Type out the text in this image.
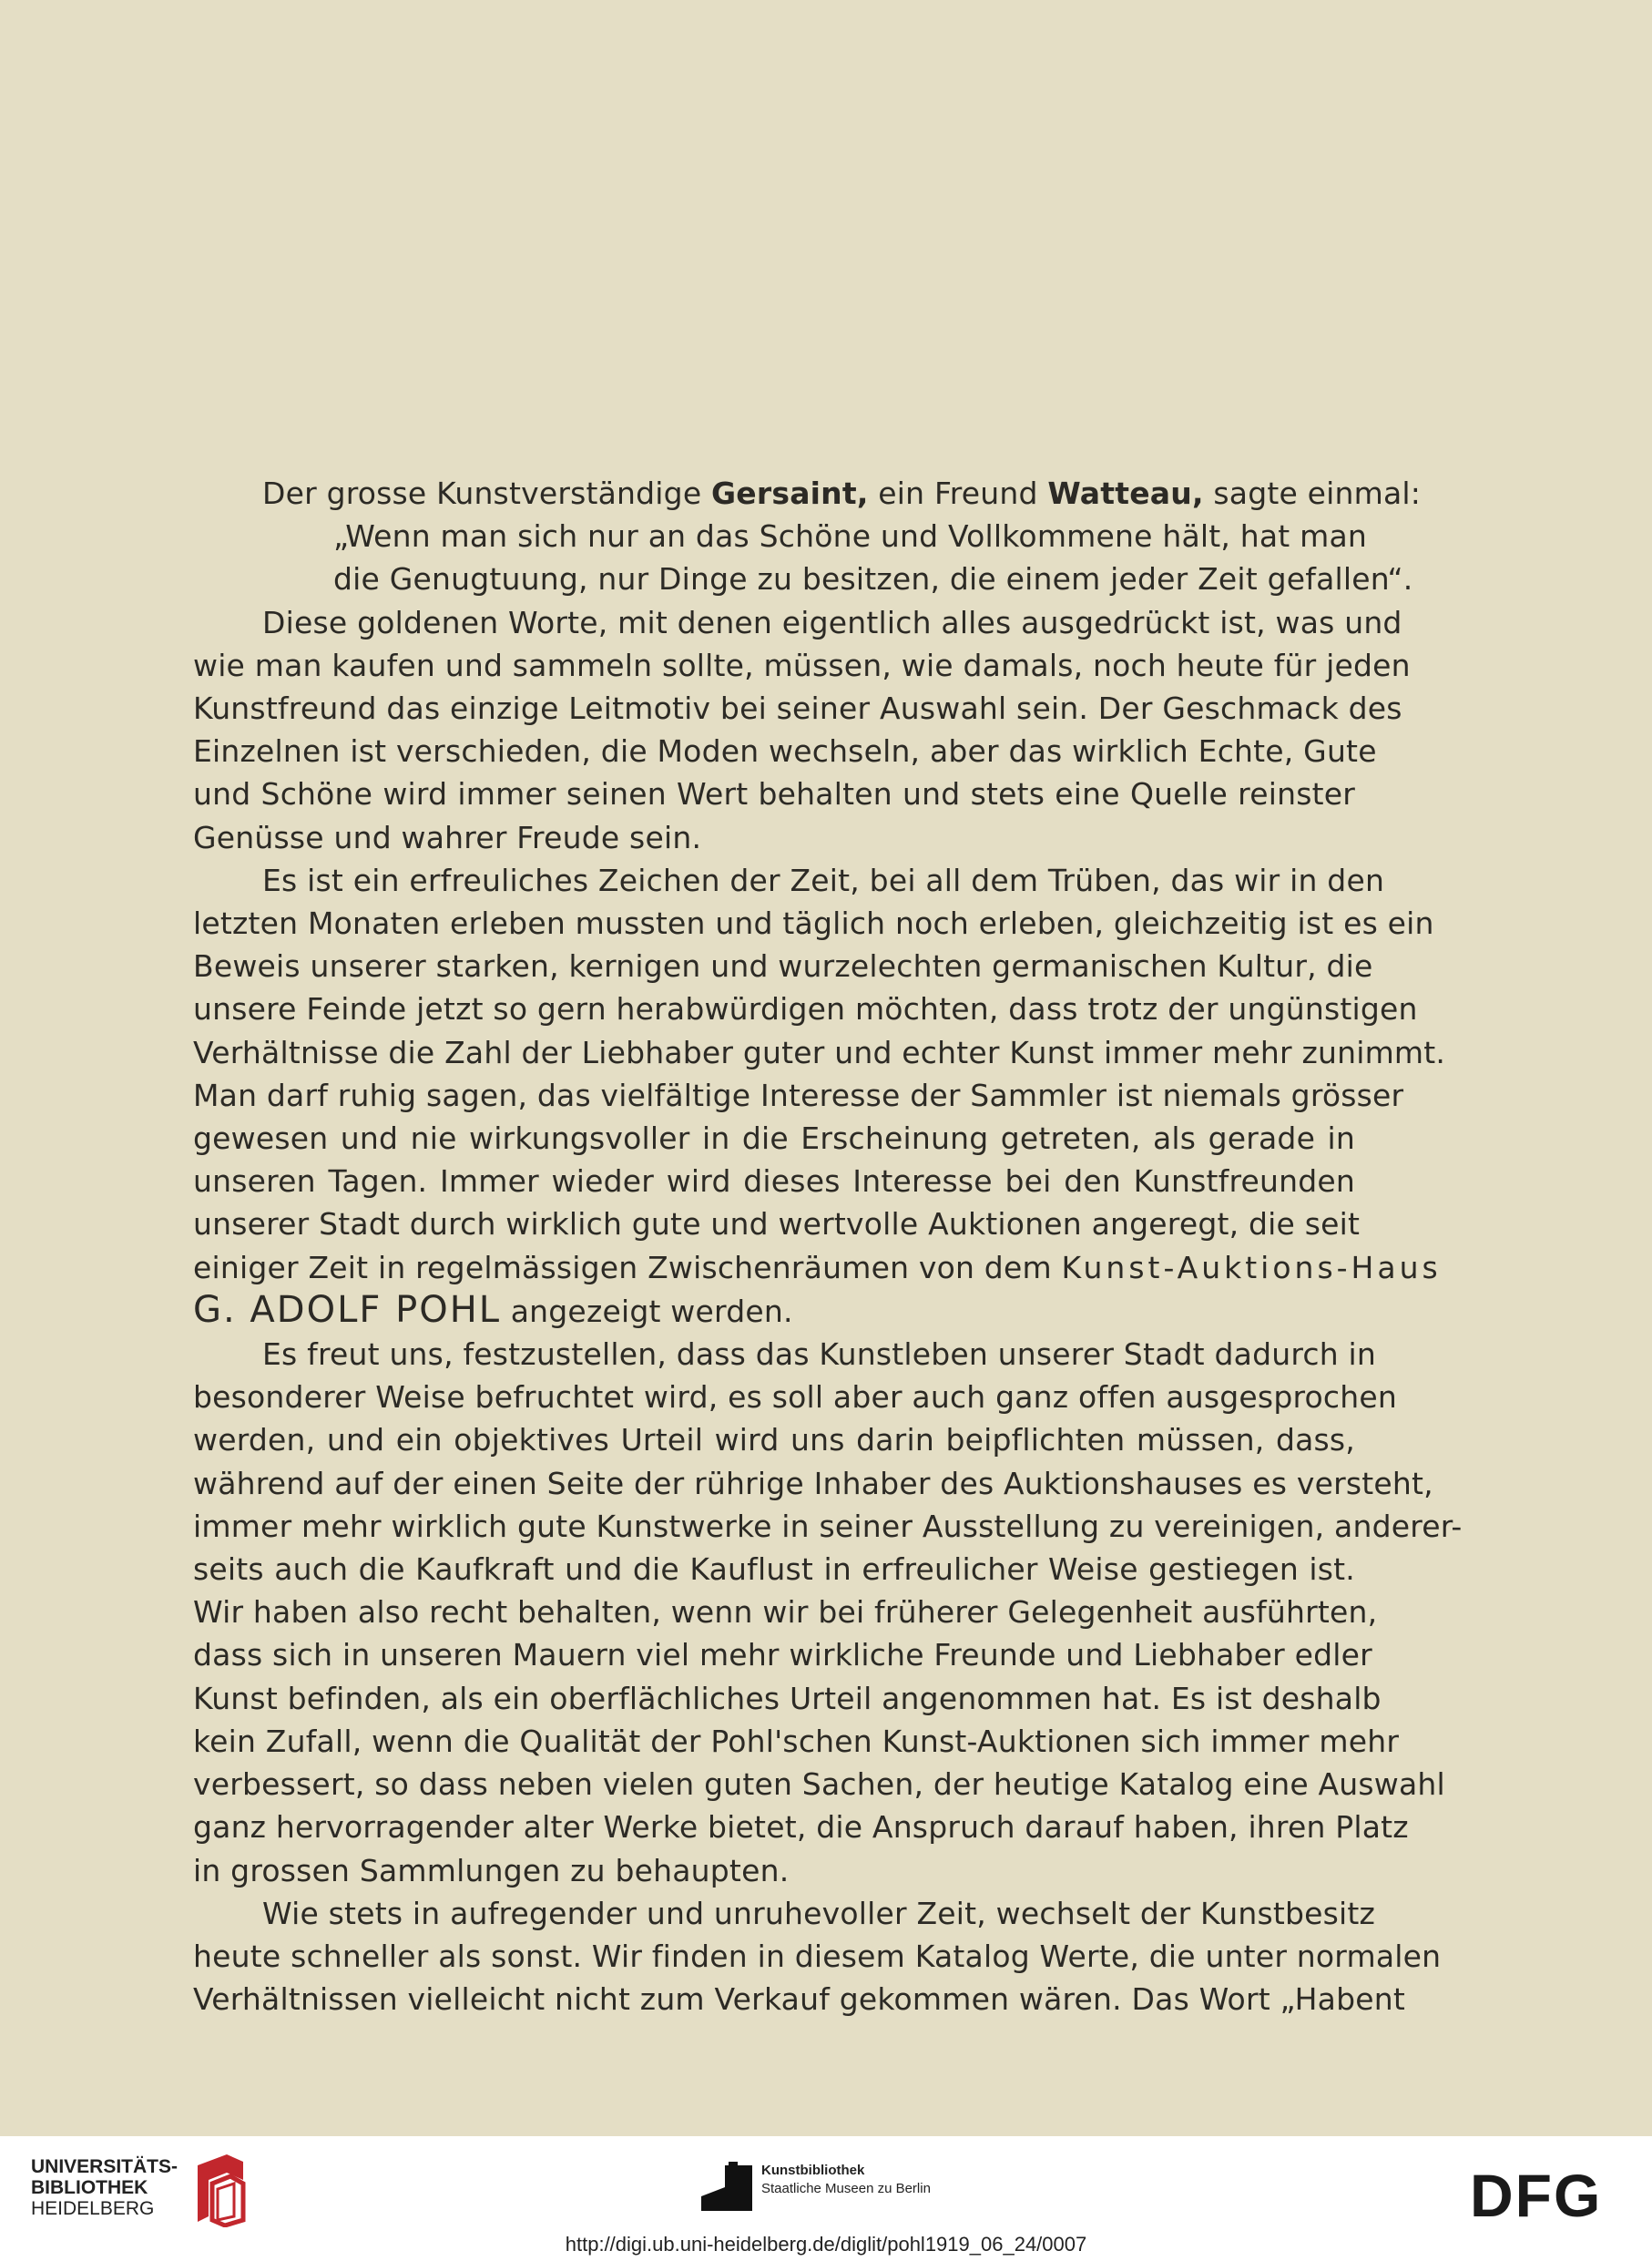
Der grosse Kunstverständige Gersaint, ein Freund Watteau, sagte einmal:
„Wenn man sich nur an das Schöne und Vollkommene hält, hat man
die Genugtuung, nur Dinge zu besitzen, die einem jeder Zeit gefallen“.
Diese goldenen Worte, mit denen eigentlich alles ausgedrückt ist, was und
wie man kaufen und sammeln sollte, müssen, wie damals, noch heute für jeden
Kunstfreund das einzige Leitmotiv bei seiner Auswahl sein. Der Geschmack des
Einzelnen ist verschieden, die Moden wechseln, aber das wirklich Echte, Gute
und Schöne wird immer seinen Wert behalten und stets eine Quelle reinster
Genüsse und wahrer Freude sein.
Es ist ein erfreuliches Zeichen der Zeit, bei all dem Trüben, das wir in den
letzten Monaten erleben mussten und täglich noch erleben, gleichzeitig ist es ein
Beweis unserer starken, kernigen und wurzelechten germanischen Kultur, die
unsere Feinde jetzt so gern herabwürdigen möchten, dass trotz der ungünstigen
Verhältnisse die Zahl der Liebhaber guter und echter Kunst immer mehr zunimmt.
Man darf ruhig sagen, das vielfältige Interesse der Sammler ist niemals grösser
gewesen und nie wirkungsvoller in die Erscheinung getreten, als gerade in
unseren Tagen. Immer wieder wird dieses Interesse bei den Kunstfreunden
unserer Stadt durch wirklich gute und wertvolle Auktionen angeregt, die seit
einiger Zeit in regelmässigen Zwischenräumen von dem Kunst-Auktions-Haus
G. ADOLF POHL angezeigt werden.
Es freut uns, festzustellen, dass das Kunstleben unserer Stadt dadurch in
besonderer Weise befruchtet wird, es soll aber auch ganz offen ausgesprochen
werden, und ein objektives Urteil wird uns darin beipflichten müssen, dass,
während auf der einen Seite der rührige Inhaber des Auktionshauses es versteht,
immer mehr wirklich gute Kunstwerke in seiner Ausstellung zu vereinigen, anderer-
seits auch die Kaufkraft und die Kauflust in erfreulicher Weise gestiegen ist.
Wir haben also recht behalten, wenn wir bei früherer Gelegenheit ausführten,
dass sich in unseren Mauern viel mehr wirkliche Freunde und Liebhaber edler
Kunst befinden, als ein oberflächliches Urteil angenommen hat. Es ist deshalb
kein Zufall, wenn die Qualität der Pohl'schen Kunst-Auktionen sich immer mehr
verbessert, so dass neben vielen guten Sachen, der heutige Katalog eine Auswahl
ganz hervorragender alter Werke bietet, die Anspruch darauf haben, ihren Platz
in grossen Sammlungen zu behaupten.
Wie stets in aufregender und unruhevoller Zeit, wechselt der Kunstbesitz
heute schneller als sonst. Wir finden in diesem Katalog Werte, die unter normalen
Verhältnissen vielleicht nicht zum Verkauf gekommen wären. Das Wort „Habent
UNIVERSITÄTS-
BIBLIOTHEK
HEIDELBERG
Kunstbibliothek
Staatliche Museen zu Berlin	DFG
http://digi.ub.uni-heidelberg.de/diglit/pohl1919_06_24/0007
